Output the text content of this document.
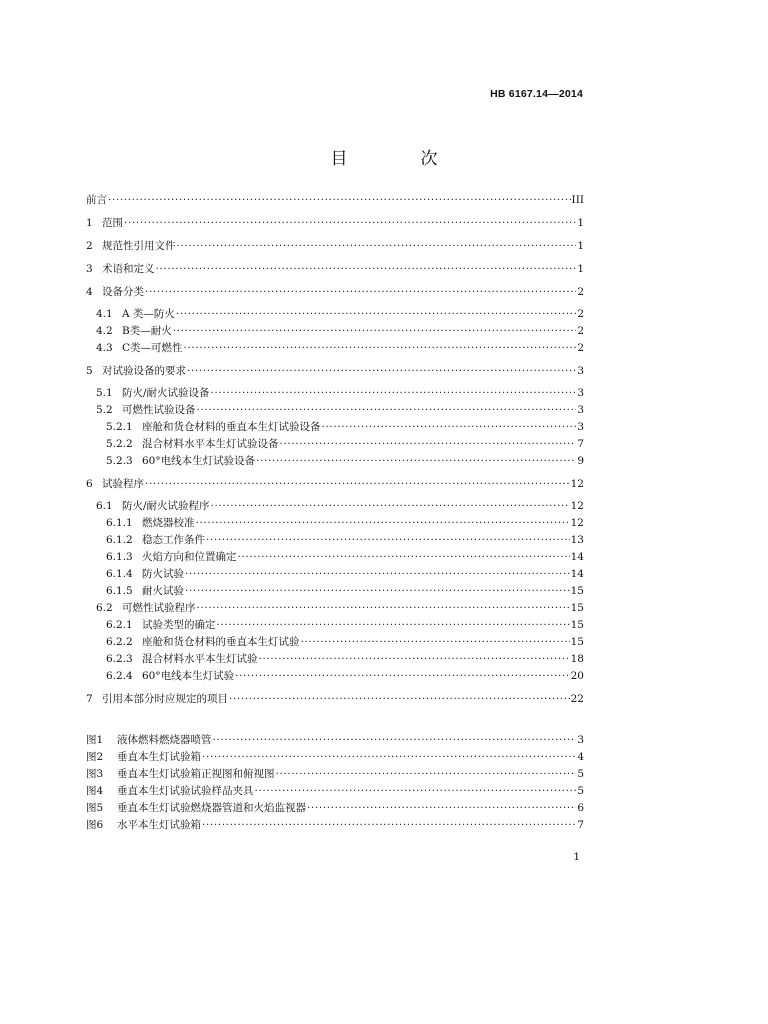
HB 6167.14—2014
目　次
前言 ·····	III
1 范围 ·····	1
2 规范性引用文件 ·····	1
3 术语和定义 ·····	1
4 设备分类 ·····	2
4.1 A 类—防火 ·····	2
4.2 B类—耐火 ·····	2
4.3 C类—可燃性 ·····	2
5 对试验设备的要求 ·····	3
5.1 防火/耐火试验设备 ·····	3
5.2 可燃性试验设备 ·····	3
5.2.1 座舱和货仓材料的垂直本生灯试验设备 ·····	3
5.2.2 混合材料水平本生灯试验设备 ·····	7
5.2.3 60°电线本生灯试验设备 ·····	9
6 试验程序 ·····	12
6.1 防火/耐火试验程序 ·····	12
6.1.1 燃烧器校准 ·····	12
6.1.2 稳态工作条件 ·····	13
6.1.3 火焰方向和位置确定 ·····	14
6.1.4 防火试验 ·····	14
6.1.5 耐火试验 ·····	15
6.2 可燃性试验程序 ·····	15
6.2.1 试验类型的确定 ·····	15
6.2.2 座舱和货仓材料的垂直本生灯试验 ·····	15
6.2.3 混合材料水平本生灯试验 ·····	18
6.2.4 60°电线本生灯试验 ·····	20
7 引用本部分时应规定的项目 ·····	22
图1	液体燃料燃烧器喷管 ·····	3
图2	垂直本生灯试验箱 ·····	4
图3	垂直本生灯试验箱正视图和俯视图 ·····	5
图4	垂直本生灯试验试验样品夹具 ·····	5
图5	垂直本生灯试验燃烧器管道和火焰监视器 ·····	6
图6	水平本生灯试验箱 ·····	7
1
